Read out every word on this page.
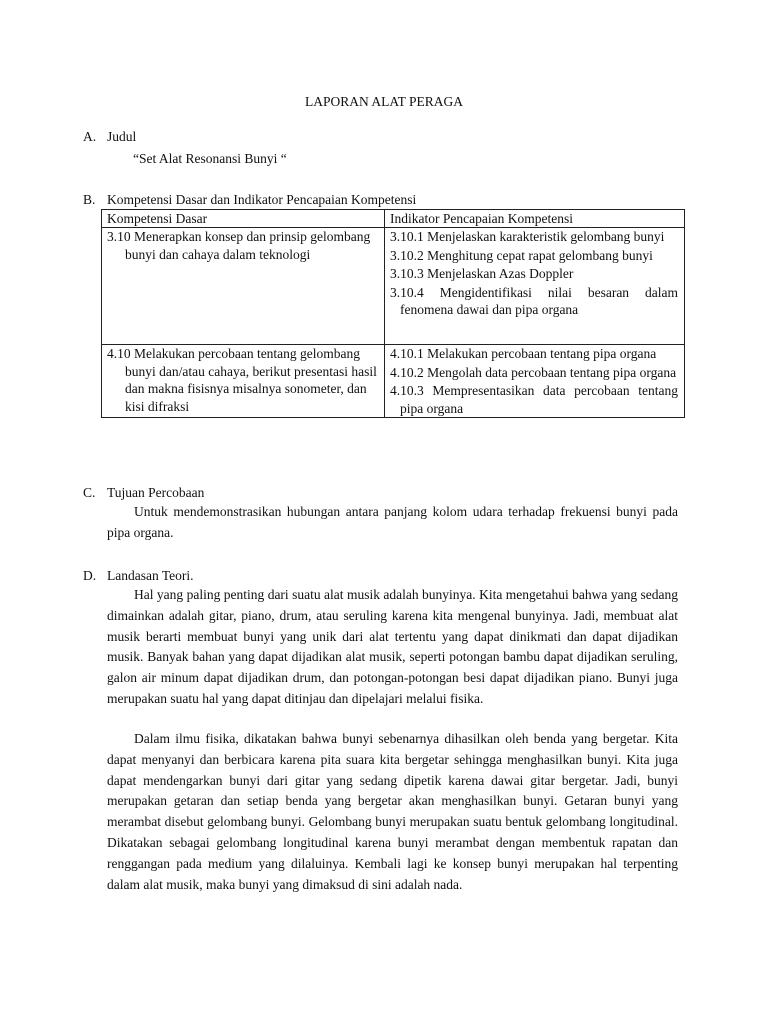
LAPORAN ALAT PERAGA
A. Judul
“Set Alat Resonansi Bunyi “
B. Kompetensi Dasar dan Indikator Pencapaian Kompetensi
Kompetensi Dasar	Indikator Pencapaian Kompetensi

3.10 Menerapkan konsep dan prinsip gelombang bunyi dan cahaya dalam teknologi	3.10.1 Menjelaskan karakteristik gelombang bunyi

3.10.2 Menghitung cepat rapat gelombang bunyi

3.10.3 Menjelaskan Azas Doppler

3.10.4 Mengidentifikasi nilai besaran dalam fenomena dawai dan pipa organa

4.10 Melakukan percobaan tentang gelombang bunyi dan/atau cahaya, berikut presentasi hasil dan makna fisisnya misalnya sonometer, dan kisi difraksi	4.10.1 Melakukan percobaan tentang pipa organa

4.10.2 Mengolah data percobaan tentang pipa organa

4.10.3 Mempresentasikan data percobaan tentang pipa organa

C. Tujuan Percobaan

Untuk mendemonstrasikan hubungan antara panjang kolom udara terhadap frekuensi bunyi pada pipa organa.

D. Landasan Teori.

Hal yang paling penting dari suatu alat musik adalah bunyinya. Kita mengetahui bahwa yang sedang dimainkan adalah gitar, piano, drum, atau seruling karena kita mengenal bunyinya. Jadi, membuat alat musik berarti membuat bunyi yang unik dari alat tertentu yang dapat dinikmati dan dapat dijadikan musik. Banyak bahan yang dapat dijadikan alat musik, seperti potongan bambu dapat dijadikan seruling, galon air minum dapat dijadikan drum, dan potongan-potongan besi dapat dijadikan piano. Bunyi juga merupakan suatu hal yang dapat ditinjau dan dipelajari melalui fisika.

Dalam ilmu fisika, dikatakan bahwa bunyi sebenarnya dihasilkan oleh benda yang bergetar. Kita dapat menyanyi dan berbicara karena pita suara kita bergetar sehingga menghasilkan bunyi. Kita juga dapat mendengarkan bunyi dari gitar yang sedang dipetik karena dawai gitar bergetar. Jadi, bunyi merupakan getaran dan setiap benda yang bergetar akan menghasilkan bunyi. Getaran bunyi yang merambat disebut gelombang bunyi. Gelombang bunyi merupakan suatu bentuk gelombang longitudinal. Dikatakan sebagai gelombang longitudinal karena bunyi merambat dengan membentuk rapatan dan renggangan pada medium yang dilaluinya. Kembali lagi ke konsep bunyi merupakan hal terpenting dalam alat musik, maka bunyi yang dimaksud di sini adalah nada.
